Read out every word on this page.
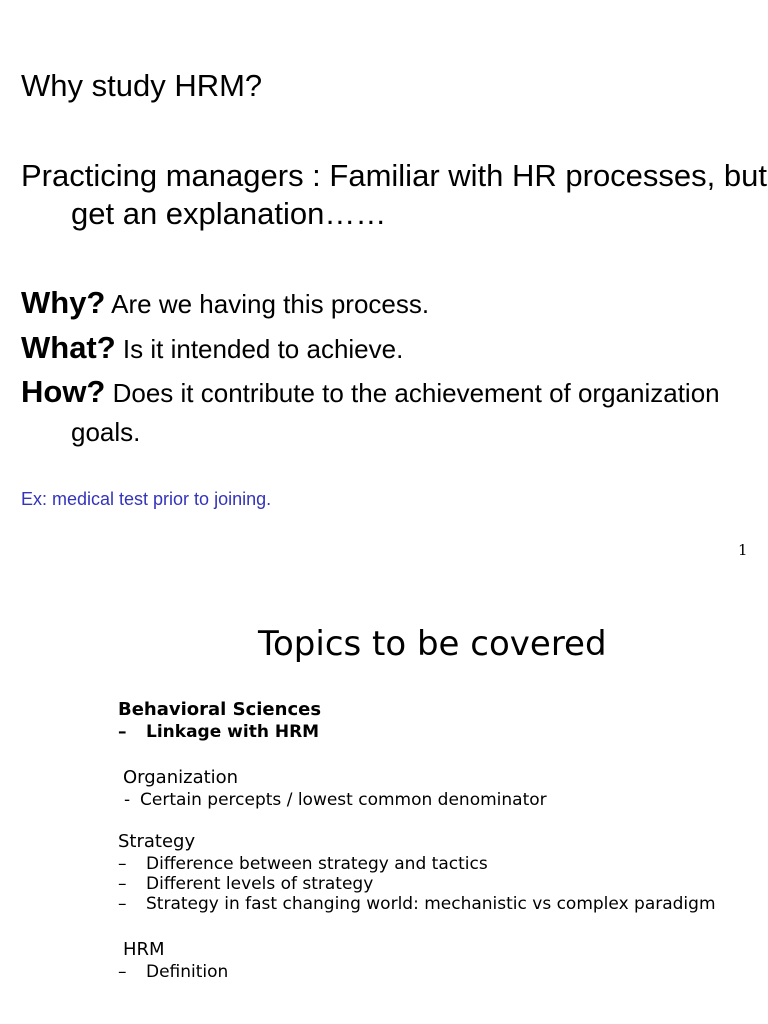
Why study HRM?
Practicing managers : Familiar with HR processes, but get an explanation……
Why? Are we having this process.
What? Is it intended to achieve.
How? Does it contribute to the achievement of organization goals.
Ex: medical test prior to joining.
1
Topics to be covered
Behavioral Sciences
– Linkage with HRM
Organization
- Certain percepts / lowest common denominator
Strategy
– Difference between strategy and tactics
– Different levels of strategy
– Strategy in fast changing world: mechanistic vs complex paradigm
HRM
– Definition
